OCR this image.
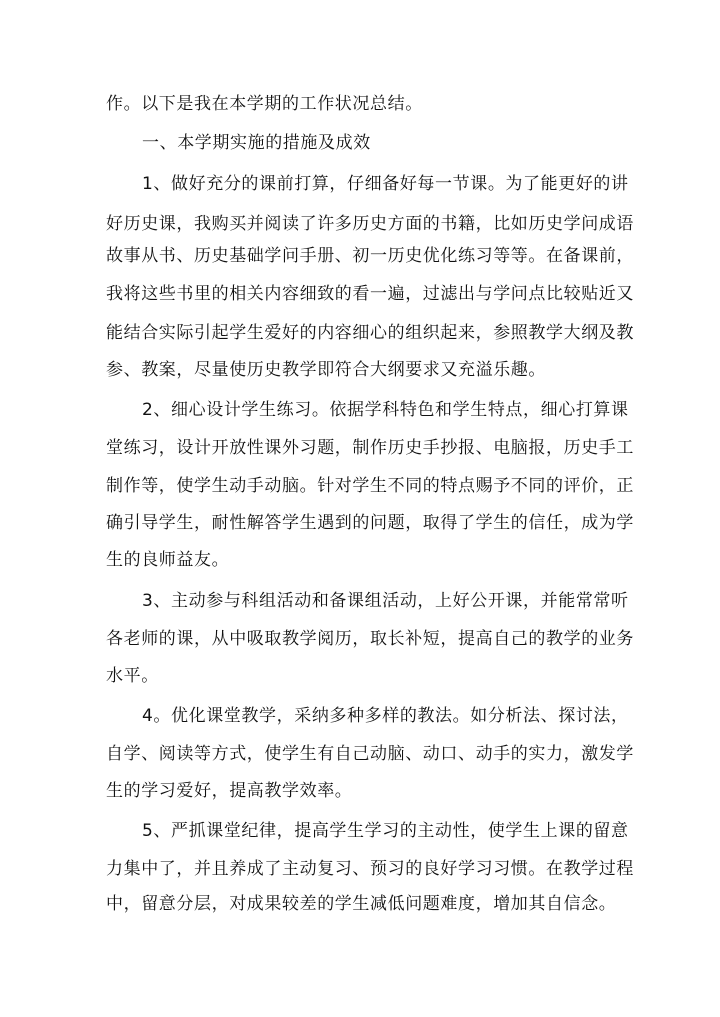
作。以下是我在本学期的工作状况总结。
一、本学期实施的措施及成效
1、做好充分的课前打算，仔细备好每一节课。为了能更好的讲
好历史课，我购买并阅读了许多历史方面的书籍，比如历史学问成语
故事从书、历史基础学问手册、初一历史优化练习等等。在备课前，
我将这些书里的相关内容细致的看一遍，过滤出与学问点比较贴近又
能结合实际引起学生爱好的内容细心的组织起来，参照教学大纲及教
参、教案，尽量使历史教学即符合大纲要求又充溢乐趣。
2、细心设计学生练习。依据学科特色和学生特点，细心打算课
堂练习，设计开放性课外习题，制作历史手抄报、电脑报，历史手工
制作等，使学生动手动脑。针对学生不同的特点赐予不同的评价，正
确引导学生，耐性解答学生遇到的问题，取得了学生的信任，成为学
生的良师益友。
3、主动参与科组活动和备课组活动，上好公开课，并能常常听
各老师的课，从中吸取教学阅历，取长补短，提高自己的教学的业务
水平。
4。优化课堂教学，采纳多种多样的教法。如分析法、探讨法，
自学、阅读等方式，使学生有自己动脑、动口、动手的实力，激发学
生的学习爱好，提高教学效率。
5、严抓课堂纪律，提高学生学习的主动性，使学生上课的留意
力集中了，并且养成了主动复习、预习的良好学习习惯。在教学过程
中，留意分层，对成果较差的学生减低问题难度，增加其自信念。
